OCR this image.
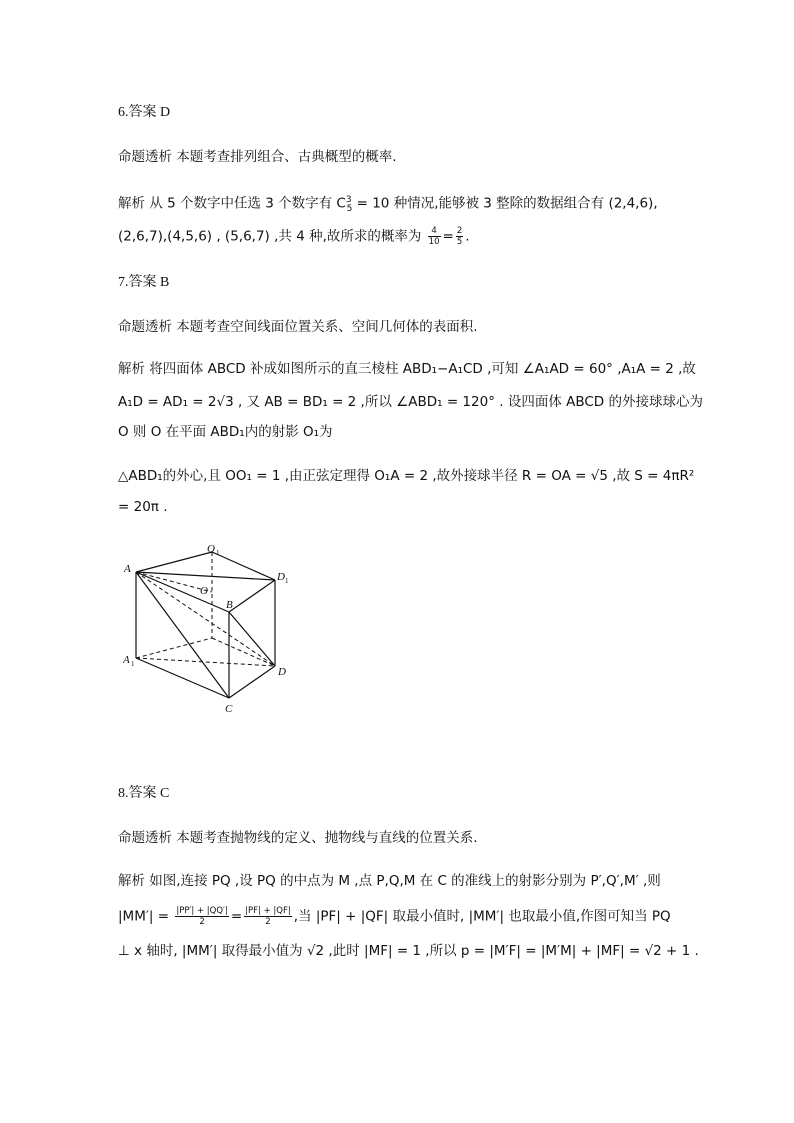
6.答案 D
命题透析 本题考查排列组合、古典概型的概率.
解析 从 5 个数字中任选 3 个数字有 $C^3_5 = 10$ 种情况,能够被 3 整除的数据组合有 (2,4,6),
(2,6,7),(4,5,6) , (5,6,7) ,共 4 种,故所求的概率为 $\frac{4}{10} = \frac{2}{5}$ .
7.答案 B
命题透析 本题考查空间线面位置关系、空间几何体的表面积.
解析 将四面体 ABCD 补成如图所示的直三棱柱 ABD₁−A₁CD ,可知 ∠A₁AD = 60° ,A₁A = 2 ,故
A₁D = AD₁ = 2√3 , 又 AB = BD₁ = 2 ,所以 ∠ABD₁ = 120° . 设四面体 ABCD 的外接球球心为
O 则 O 在平面 ABD₁内的射影 O₁为
△ABD₁的外心,且 OO₁ = 1 ,由正弦定理得 O₁A = 2 ,故外接球半径 R = OA = √5 ,故 S = 4πR²
= 20π .
A
O 1
D 1
O
B
A 1
D
C
8.答案 C
命题透析 本题考查抛物线的定义、抛物线与直线的位置关系.
解析 如图,连接 PQ ,设 PQ 的中点为 M ,点 P,Q,M 在 C 的准线上的射影分别为 P′,Q′,M′ ,则
$|MM'| = \frac{|PP'| + |QQ'|}{2} = \frac{|PF| + |QF|}{2}$ ,当 |PF| + |QF| 取最小值时, |MM′| 也取最小值,作图可知当 PQ
⊥ x 轴时, |MM′| 取得最小值为 √2 ,此时 |MF| = 1 ,所以 p = |M′F| = |M′M| + |MF| = √2 + 1 .
